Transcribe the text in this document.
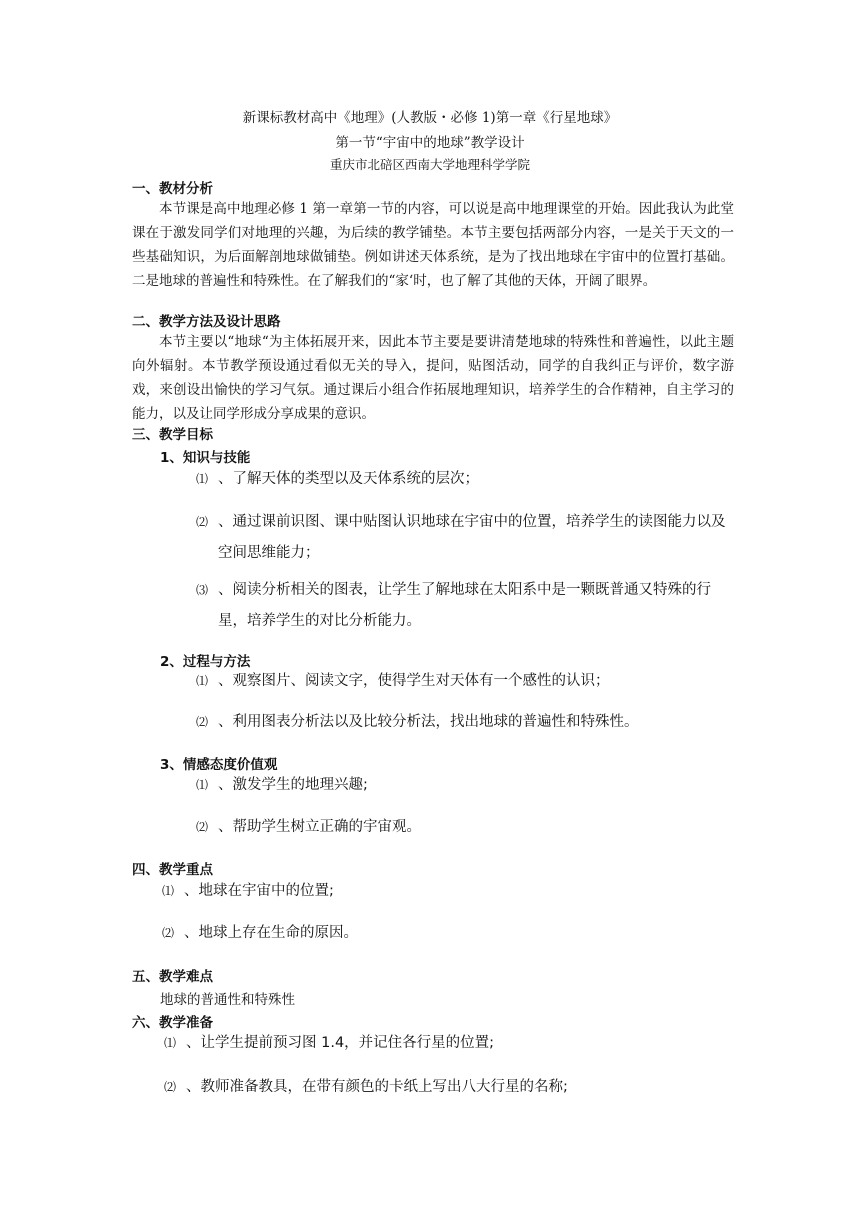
新课标教材高中《地理》(人教版・必修 1)第一章《行星地球》
第一节“宇宙中的地球”教学设计
重庆市北碚区西南大学地理科学学院
一、教材分析

本节课是高中地理必修 1 第一章第一节的内容，可以说是高中地理课堂的开始。因此我认为此堂课在于激发同学们对地理的兴趣，为后续的教学铺垫。本节主要包括两部分内容，一是关于天文的一些基础知识，为后面解剖地球做铺垫。例如讲述天体系统，是为了找出地球在宇宙中的位置打基础。二是地球的普遍性和特殊性。在了解我们的“家‘时，也了解了其他的天体，开阔了眼界。

二、教学方法及设计思路

本节主要以“地球“为主体拓展开来，因此本节主要是要讲清楚地球的特殊性和普遍性，以此主题向外辐射。本节教学预设通过看似无关的导入，提问，贴图活动，同学的自我纠正与评价，数字游戏，来创设出愉快的学习气氛。通过课后小组合作拓展地理知识，培养学生的合作精神，自主学习的能力，以及让同学形成分享成果的意识。

三、教学目标
1、知识与技能
⑴ 、了解天体的类型以及天体系统的层次；
⑵ 、通过课前识图、课中贴图认识地球在宇宙中的位置，培养学生的读图能力以及空间思维能力；
⑶ 、阅读分析相关的图表，让学生了解地球在太阳系中是一颗既普通又特殊的行星，培养学生的对比分析能力。
2、过程与方法
⑴ 、观察图片、阅读文字，使得学生对天体有一个感性的认识；
⑵ 、利用图表分析法以及比较分析法，找出地球的普遍性和特殊性。
3、情感态度价值观
⑴ 、激发学生的地理兴趣;
⑵ 、帮助学生树立正确的宇宙观。
四、教学重点
⑴ 、地球在宇宙中的位置;
⑵ 、地球上存在生命的原因。
五、教学难点
地球的普通性和特殊性
六、教学准备
⑴ 、让学生提前预习图 1.4，并记住各行星的位置;
⑵ 、教师准备教具，在带有颜色的卡纸上写出八大行星的名称;
